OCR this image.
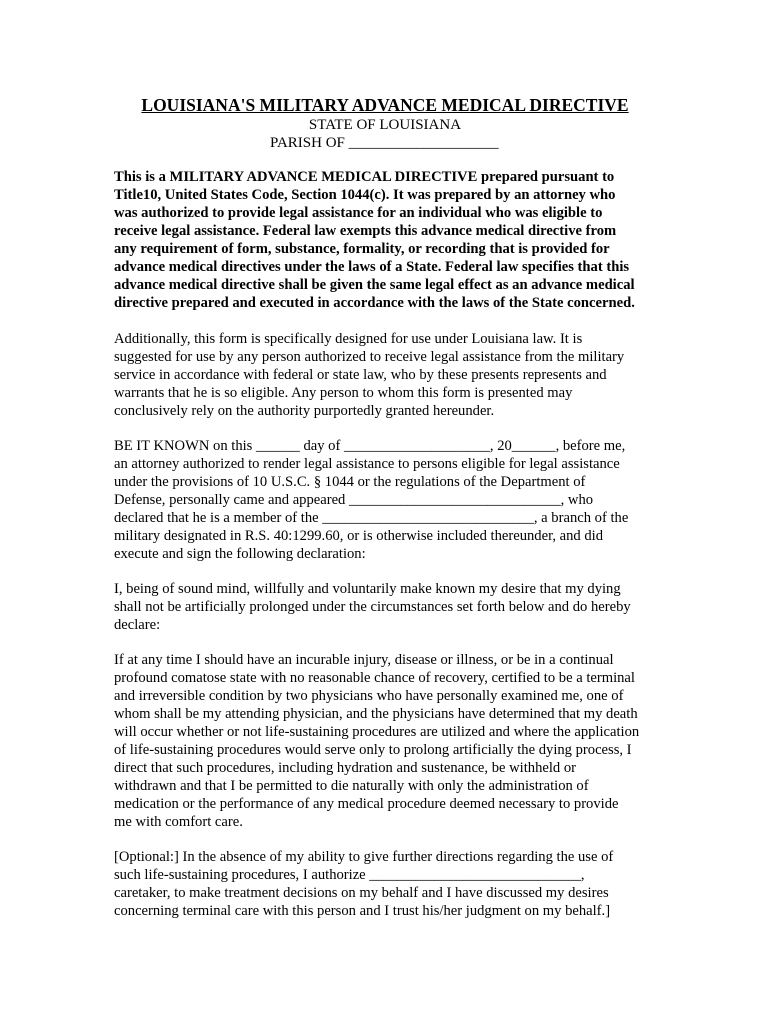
LOUISIANA'S MILITARY ADVANCE MEDICAL DIRECTIVE
STATE OF LOUISIANA
PARISH OF ____________________
This is a MILITARY ADVANCE MEDICAL DIRECTIVE prepared pursuant to
Title10, United States Code, Section 1044(c). It was prepared by an attorney who
was authorized to provide legal assistance for an individual who was eligible to
receive legal assistance. Federal law exempts this advance medical directive from
any requirement of form, substance, formality, or recording that is provided for
advance medical directives under the laws of a State. Federal law specifies that this
advance medical directive shall be given the same legal effect as an advance medical
directive prepared and executed in accordance with the laws of the State concerned.
Additionally, this form is specifically designed for use under Louisiana law. It is
suggested for use by any person authorized to receive legal assistance from the military
service in accordance with federal or state law, who by these presents represents and
warrants that he is so eligible. Any person to whom this form is presented may
conclusively rely on the authority purportedly granted hereunder.
BE IT KNOWN on this ______ day of ____________________, 20______, before me,
an attorney authorized to render legal assistance to persons eligible for legal assistance
under the provisions of 10 U.S.C. § 1044 or the regulations of the Department of
Defense, personally came and appeared _____________________________, who
declared that he is a member of the _____________________________, a branch of the
military designated in R.S. 40:1299.60, or is otherwise included thereunder, and did
execute and sign the following declaration:
I, being of sound mind, willfully and voluntarily make known my desire that my dying
shall not be artificially prolonged under the circumstances set forth below and do hereby
declare:
If at any time I should have an incurable injury, disease or illness, or be in a continual
profound comatose state with no reasonable chance of recovery, certified to be a terminal
and irreversible condition by two physicians who have personally examined me, one of
whom shall be my attending physician, and the physicians have determined that my death
will occur whether or not life-sustaining procedures are utilized and where the application
of life-sustaining procedures would serve only to prolong artificially the dying process, I
direct that such procedures, including hydration and sustenance, be withheld or
withdrawn and that I be permitted to die naturally with only the administration of
medication or the performance of any medical procedure deemed necessary to provide
me with comfort care.
[Optional:] In the absence of my ability to give further directions regarding the use of
such life-sustaining procedures, I authorize _____________________________,
caretaker, to make treatment decisions on my behalf and I have discussed my desires
concerning terminal care with this person and I trust his/her judgment on my behalf.]
